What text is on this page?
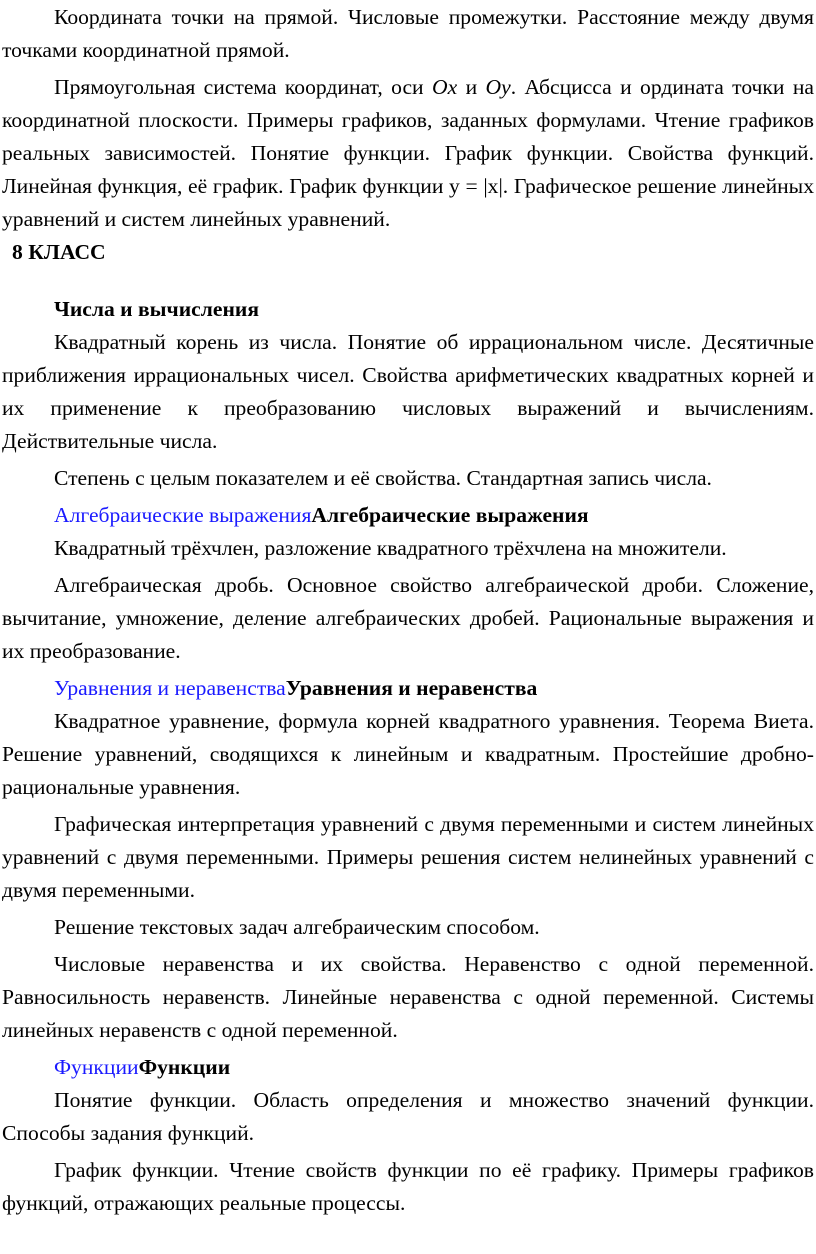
Координата точки на прямой. Числовые промежутки. Расстояние между двумя точками координатной прямой.

Прямоугольная система координат, оси Ox и Oy. Абсцисса и ордината точки на координатной плоскости. Примеры графиков, заданных формулами. Чтение графиков реальных зависимостей. Понятие функции. График функции. Свойства функций. Линейная функция, её график. График функции y = |x|. Графическое решение линейных уравнений и систем линейных уравнений.

8 КЛАСС

Числа и вычисления

Квадратный корень из числа. Понятие об иррациональном числе. Десятичные приближения иррациональных чисел. Свойства арифметических квадратных корней и их применение к преобразованию числовых выражений и вычислениям. Действительные числа.

Степень с целым показателем и её свойства. Стандартная запись числа.

Алгебраические выраженияАлгебраические выражения

Квадратный трёхчлен, разложение квадратного трёхчлена на множители.

Алгебраическая дробь. Основное свойство алгебраической дроби. Сложение, вычитание, умножение, деление алгебраических дробей. Рациональные выражения и их преобразование.

Уравнения и неравенстваУравнения и неравенства

Квадратное уравнение, формула корней квадратного уравнения. Теорема Виета. Решение уравнений, сводящихся к линейным и квадратным. Простейшие дробно-рациональные уравнения.

Графическая интерпретация уравнений с двумя переменными и систем линейных уравнений с двумя переменными. Примеры решения систем нелинейных уравнений с двумя переменными.

Решение текстовых задач алгебраическим способом.

Числовые неравенства и их свойства. Неравенство с одной переменной. Равносильность неравенств. Линейные неравенства с одной переменной. Системы линейных неравенств с одной переменной.

ФункцииФункции

Понятие функции. Область определения и множество значений функции. Способы задания функций.

График функции. Чтение свойств функции по её графику. Примеры графиков функций, отражающих реальные процессы.
